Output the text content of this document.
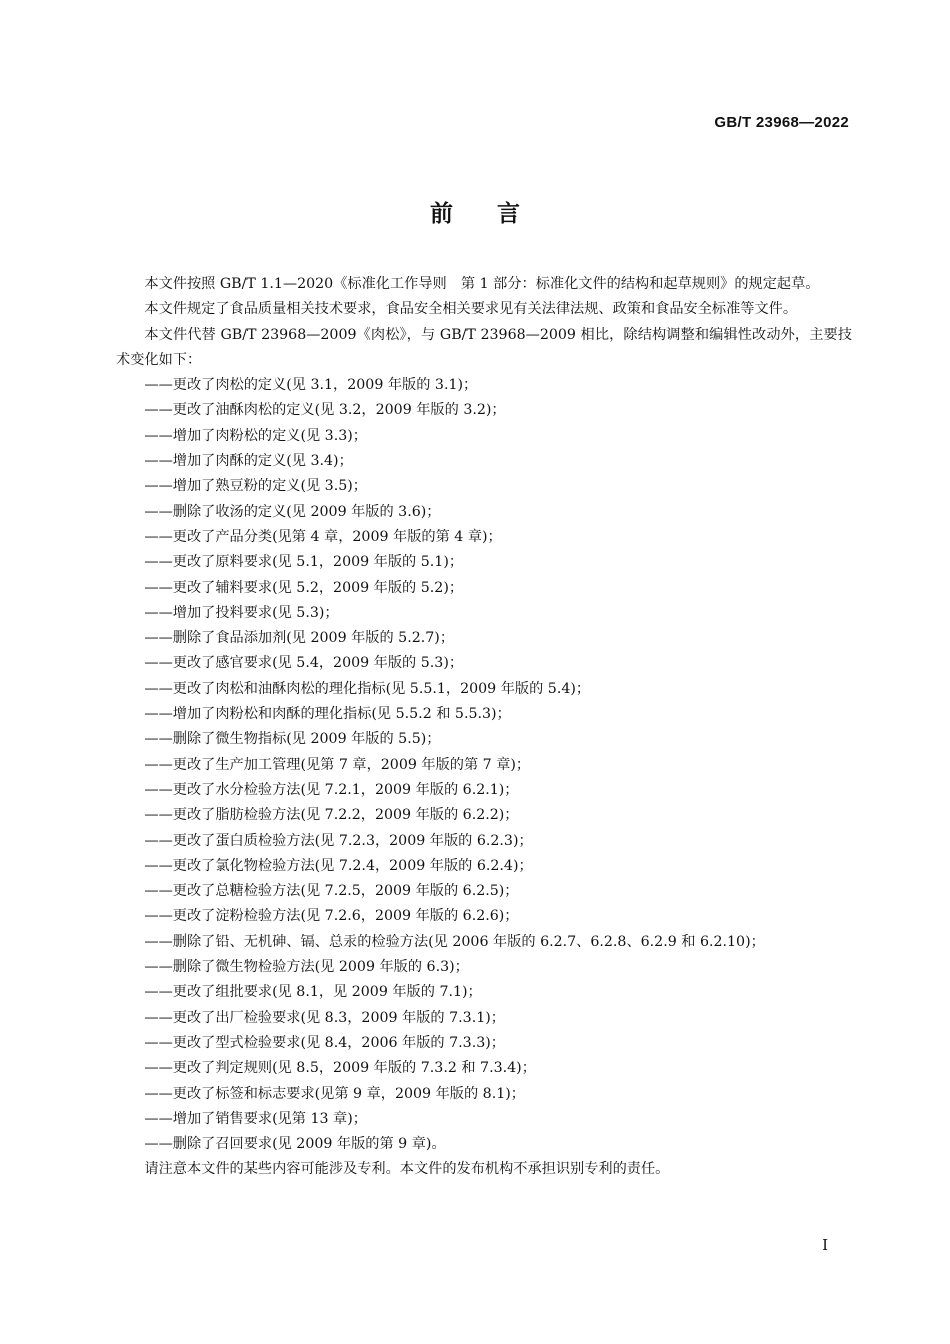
GB/T 23968—2022
前言

本文件按照 GB/T 1.1—2020《标准化工作导则　第 1 部分：标准化文件的结构和起草规则》的规定起草。

本文件规定了食品质量相关技术要求，食品安全相关要求见有关法律法规、政策和食品安全标准等文件。

本文件代替 GB/T 23968—2009《肉松》，与 GB/T 23968—2009 相比，除结构调整和编辑性改动外，主要技术变化如下：

——更改了肉松的定义(见 3.1，2009 年版的 3.1)；
——更改了油酥肉松的定义(见 3.2，2009 年版的 3.2)；
——增加了肉粉松的定义(见 3.3)；
——增加了肉酥的定义(见 3.4)；
——增加了熟豆粉的定义(见 3.5)；
——删除了收汤的定义(见 2009 年版的 3.6)；
——更改了产品分类(见第 4 章，2009 年版的第 4 章)；
——更改了原料要求(见 5.1，2009 年版的 5.1)；
——更改了辅料要求(见 5.2，2009 年版的 5.2)；
——增加了投料要求(见 5.3)；
——删除了食品添加剂(见 2009 年版的 5.2.7)；
——更改了感官要求(见 5.4，2009 年版的 5.3)；
——更改了肉松和油酥肉松的理化指标(见 5.5.1，2009 年版的 5.4)；
——增加了肉粉松和肉酥的理化指标(见 5.5.2 和 5.5.3)；
——删除了微生物指标(见 2009 年版的 5.5)；
——更改了生产加工管理(见第 7 章，2009 年版的第 7 章)；
——更改了水分检验方法(见 7.2.1，2009 年版的 6.2.1)；
——更改了脂肪检验方法(见 7.2.2，2009 年版的 6.2.2)；
——更改了蛋白质检验方法(见 7.2.3，2009 年版的 6.2.3)；
——更改了氯化物检验方法(见 7.2.4，2009 年版的 6.2.4)；
——更改了总糖检验方法(见 7.2.5，2009 年版的 6.2.5)；
——更改了淀粉检验方法(见 7.2.6，2009 年版的 6.2.6)；
——删除了铅、无机砷、镉、总汞的检验方法(见 2006 年版的 6.2.7、6.2.8、6.2.9 和 6.2.10)；
——删除了微生物检验方法(见 2009 年版的 6.3)；
——更改了组批要求(见 8.1，见 2009 年版的 7.1)；
——更改了出厂检验要求(见 8.3，2009 年版的 7.3.1)；
——更改了型式检验要求(见 8.4，2006 年版的 7.3.3)；
——更改了判定规则(见 8.5，2009 年版的 7.3.2 和 7.3.4)；
——更改了标签和标志要求(见第 9 章，2009 年版的 8.1)；
——增加了销售要求(见第 13 章)；
——删除了召回要求(见 2009 年版的第 9 章)。

请注意本文件的某些内容可能涉及专利。本文件的发布机构不承担识别专利的责任。

I
